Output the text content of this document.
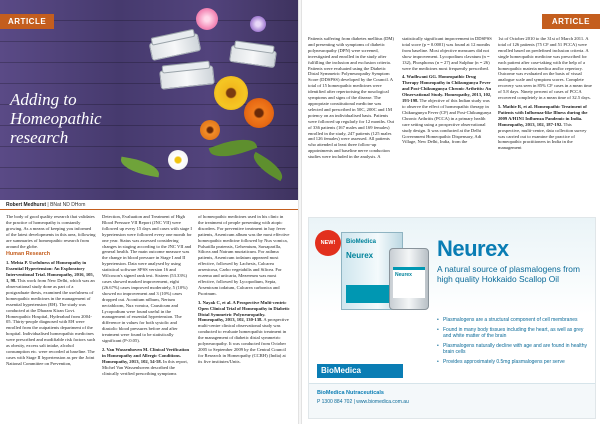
ARTICLE
Adding to
Homeopathic
research
Robert Medhurst | BNat ND DHom

The body of good quality research that validates the practice of homeopathy is constantly growing. As a means of keeping you informed of the latest developments in this area, following are summaries of homeopathic research from around the globe.

Human Research

1. Mehta P. Usefulness of Homeopathy in Essential Hypertension: An Exploratory Interventional Trial. Homeopathy, 2016, 105, 1, 98. This work from New Delhi, which was an observational study done as part of a postgraduate thesis, examined the usefulness of homeopathic medicines in the management of essential hypertension (EH). The study was conducted at the Dharam Kiran Govt. Homeopathic Hospital, Hyderabad from 2004-05. Thirty-people diagnosed with EH were enrolled from the outpatients department of the hospital. Individualised homeopathic medicines were prescribed and modifiable risk factors such as obesity, excess salt intake, alcohol consumption etc. were recorded at baseline. The cases with Stage II hypertension as per the Joint National Committee on Prevention,

Detection, Evaluation and Treatment of High Blood Pressure VII Report (JNC VII) were followed up every 15 days and cases with stage I hypertension were followed every one month for one year. Status was assessed considering changes in staging according to the JNC VII and general health. The main outcome measure was the change in blood pressure in Stage I and II hypertension. Data were analysed by using statistical software SPSS version 16 and Wilcoxon's signed rank test. Sixteen (53.33%) cases showed marked improvement, eight (26.67%) cases improved moderately, 5 (10%) showed no improvement and 3 (10%) cases dropped out. Aconitum nilbum, Nerium nectabloom, Nux vomica, Causticum and Lycopodium were found useful in the management of essential hypertension. The difference in values for both systolic and diastolic blood pressures before and after treatment were found to be statistically significant (P<0.05).

2. Van Wassenhoven M. Clinical Verification in Homeopathy and Allergic Conditions. Homeopathy, 2013, 102, 54-58. In this report, Michel Van Wassenhoven described the clinically verified prescribing symptoms

of homeopathic medicines used in his clinic in the treatment of people presenting with atopic disorders. For preventive treatment in hay fever patients, Arsenicum album was the most effective homeopathic medicine followed by Nux vomica, Pulsatilla pratensis, Gelsemium, Sarsaparilla, Silicea and Natrum muriaticum. For asthma patients, Arsenicum iodatum appeared most effective, followed by Lachesis, Calcarea arsenicosa, Carbo vegetabilis and Silicea. For eczema and urticaria, Mezereum was most effective, followed by Lycopodium, Sepia, Arsenicum iodatum, Calcarea carbonica and Psorinum.

3. Nayak C, et al. A Prospective Multi-centric Open Clinical Trial of Homeopathy in Diabetic Distal Symmetric Polyneuropathy. Homeopathy, 2013, 102, 130-138. A prospective multi-centre clinical observational study was conducted to evaluate homeopathic treatment in the management of diabetic distal symmetric polyneuropathy. It was conducted from October 2005 to September 2009 by the Central Council for Research in Homeopathy (CCRH) (India) at its five institutes/Units.

ARTICLE

Patients suffering from diabetes mellitus (DM) and presenting with symptoms of diabetic polyneuropathy (DPN) were screened, investigated and enrolled in the study after fulfilling the inclusion and exclusion criteria. Patients were evaluated using the Diabetic Distal Symmetric Polyneuropathy Symptom Score (DDSPSS) developed by the Council. A total of 15 homeopathic medicines were identified after repertorising the nosological symptoms and signs of the disease. The appropriate constitutional medicine was selected and prescribed in 50C, 200C and 1M potency on an individualised basis. Patients were followed up regularly for 12 months. Out of 336 patients (167 males and 169 females) enrolled in the study, 247 patients (125 males and 126 females) were assessed. All patients who attended at least three follow-up appointments and baseline nerve conduction studies were included in the analysis. A

statistically significant improvement in DDSPSS total score (p = 0.0001) was found at 12 months from baseline. Most objective measures did not show improvement. Lycopodium clavatum (n = 132), Phosphorus (n = 27) and Sulphur (n = 26) were the medicines most frequently prescribed.

4. Wadhwani GG. Homeopathic Drug Therapy Homeopathy in Chikungunya Fever and Post-Chikungunya Chronic Arthritis: An Observational Study. Homeopathy, 2013, 102, 193-198. The objective of this Indian study was to observe the effect of homeopathic therapy in Chikungunya Fever (CF) and Post-Chikungunya Chronic Arthritis (PCCA) in a primary health care setting using a prospective observational study design. It was conducted at the Delhi Government Homeopathic Dispensary, Adi Village, New Delhi, India, from the

1st of October 2010 to the 31st of March 2011. A total of 126 patients (75 CF and 51 PCCA) were enrolled based on predefined inclusion criteria. A single homeopathic medicine was prescribed for each patient after case-taking with the help of a homeopathic materia medica and/or repertory. Outcome was evaluated on the basis of visual analogue scale and symptom scores. Complete recovery was seen in 85% CF cases in a mean time of 5.8 days. Ninety percent of cases of PCCA recovered completely in a mean time of 32.5 days.

5. Mathie R, et al. Homeopathic Treatment of Patients with Influenza-like Illness during the 2009 A/H1N1 Influenza Pandemic in India. Homeopathy, 2013, 102, 187-192. This prospective, multi-centre, data collection survey was carried out to examine the practice of homeopathic practitioners in India in the management

NEW!	BioMedica
Neurex
Neurex
Neurex
A natural source of plasmalogens from high quality Hokkaido Scallop Oil
• Plasmalogens are a structural component of cell membranes
• Found in many body tissues including the heart, as well as grey and white matter of the brain
• Plasmalogens naturally decline with age and are found in healthy brain cells
• Provides approximately 0.5mg plasmalogens per serve
BioMedica
BioMedica Nutraceuticals
P 1300 884 702 | www.biomedica.com.au
